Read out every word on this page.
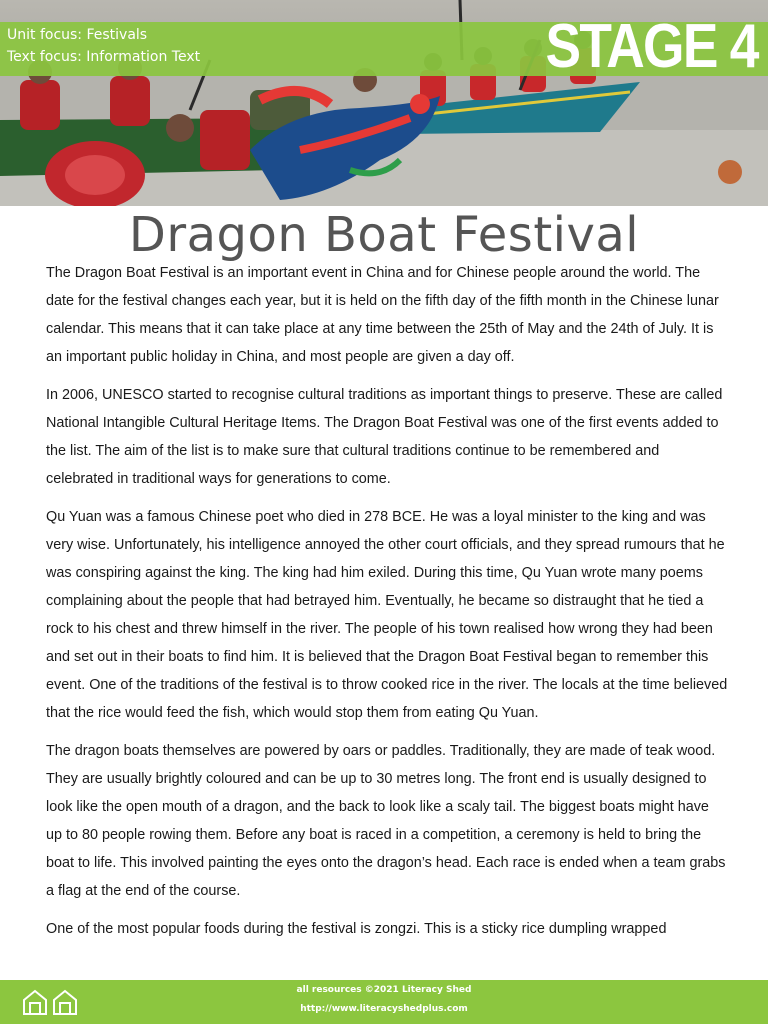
Unit focus: Festivals
Text focus: Information Text	STAGE 4
Dragon Boat Festival

The Dragon Boat Festival is an important event in China and for Chinese people around the world. The date for the festival changes each year, but it is held on the fifth day of the fifth month in the Chinese lunar calendar. This means that it can take place at any time between the 25th of May and the 24th of July. It is an important public holiday in China, and most people are given a day off.

In 2006, UNESCO started to recognise cultural traditions as important things to preserve. These are called National Intangible Cultural Heritage Items. The Dragon Boat Festival was one of the first events added to the list. The aim of the list is to make sure that cultural traditions continue to be remembered and celebrated in traditional ways for generations to come.

Qu Yuan was a famous Chinese poet who died in 278 BCE. He was a loyal minister to the king and was very wise. Unfortunately, his intelligence annoyed the other court officials, and they spread rumours that he was conspiring against the king. The king had him exiled. During this time, Qu Yuan wrote many poems complaining about the people that had betrayed him. Eventually, he became so distraught that he tied a rock to his chest and threw himself in the river. The people of his town realised how wrong they had been and set out in their boats to find him. It is believed that the Dragon Boat Festival began to remember this event. One of the traditions of the festival is to throw cooked rice in the river. The locals at the time believed that the rice would feed the fish, which would stop them from eating Qu Yuan.

The dragon boats themselves are powered by oars or paddles. Traditionally, they are made of teak wood. They are usually brightly coloured and can be up to 30 metres long. The front end is usually designed to look like the open mouth of a dragon, and the back to look like a scaly tail. The biggest boats might have up to 80 people rowing them. Before any boat is raced in a competition, a ceremony is held to bring the boat to life. This involved painting the eyes onto the dragon’s head. Each race is ended when a team grabs a flag at the end of the course.

One of the most popular foods during the festival is zongzi. This is a sticky rice dumpling wrapped

all resources ©2021 Literacy Shed
http://www.literacyshedplus.com
